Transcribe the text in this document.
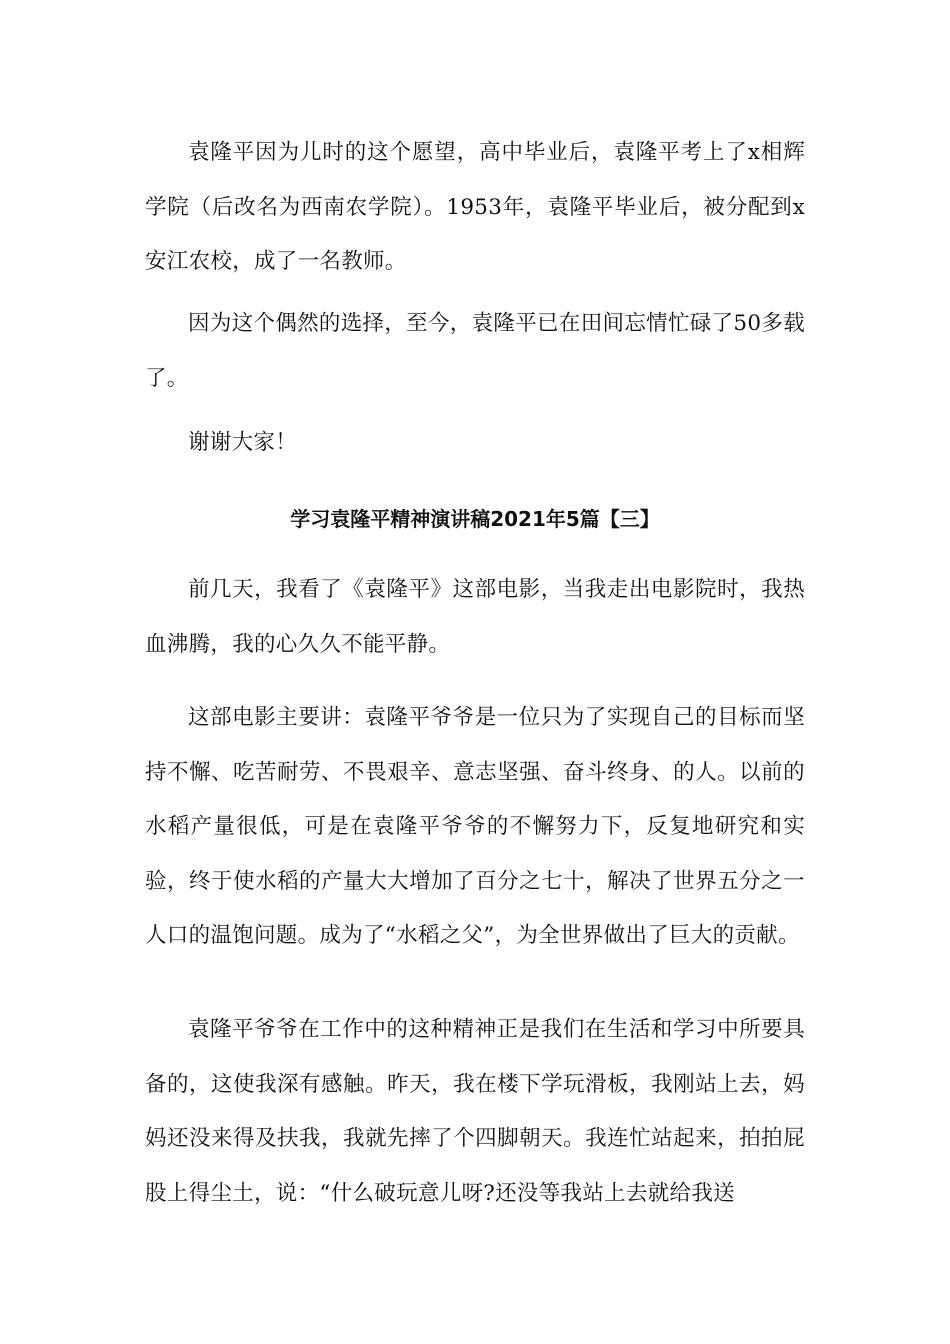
袁隆平因为儿时的这个愿望，高中毕业后，袁隆平考上了x相辉学院（后改名为西南农学院）。1953年，袁隆平毕业后，被分配到x安江农校，成了一名教师。

因为这个偶然的选择，至今，袁隆平已在田间忘情忙碌了50多载了。

谢谢大家！

学习袁隆平精神演讲稿2021年5篇【三】

前几天，我看了《袁隆平》这部电影，当我走出电影院时，我热血沸腾，我的心久久不能平静。

这部电影主要讲：袁隆平爷爷是一位只为了实现自己的目标而坚持不懈、吃苦耐劳、不畏艰辛、意志坚强、奋斗终身、的人。以前的水稻产量很低，可是在袁隆平爷爷的不懈努力下，反复地研究和实验，终于使水稻的产量大大增加了百分之七十，解决了世界五分之一人口的温饱问题。成为了“水稻之父”，为全世界做出了巨大的贡献。

袁隆平爷爷在工作中的这种精神正是我们在生活和学习中所要具备的，这使我深有感触。昨天，我在楼下学玩滑板，我刚站上去，妈妈还没来得及扶我，我就先摔了个四脚朝天。我连忙站起来，拍拍屁股上得尘土，说：“什么破玩意儿呀?还没等我站上去就给我送
